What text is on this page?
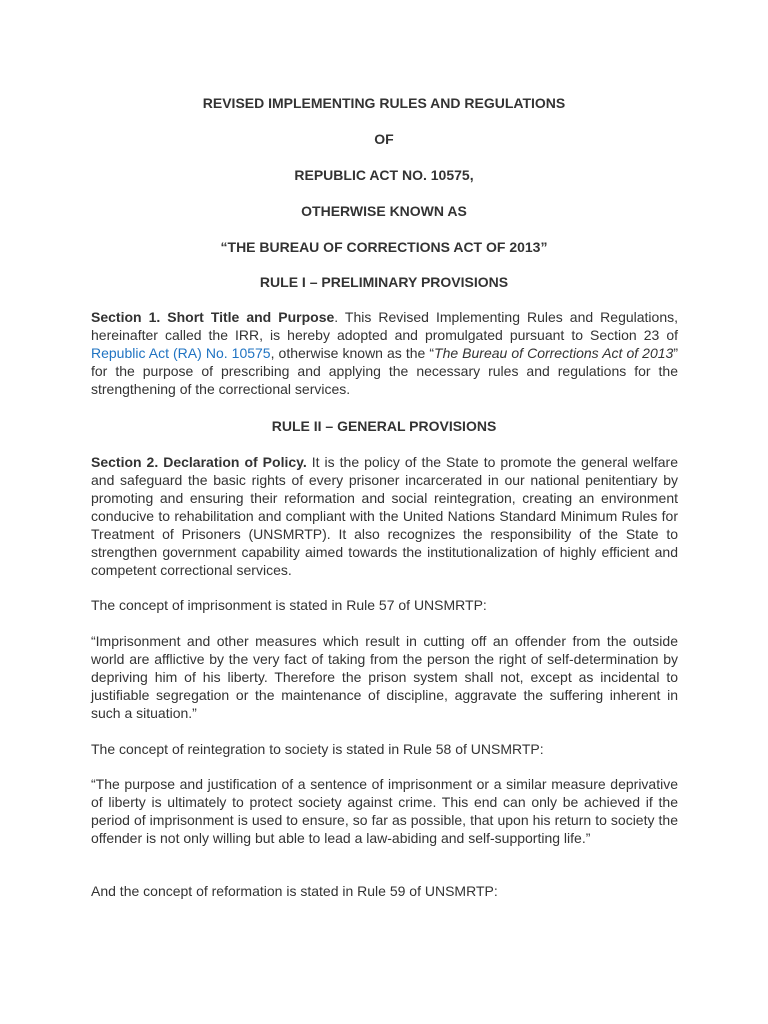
REVISED IMPLEMENTING RULES AND REGULATIONS
OF
REPUBLIC ACT NO. 10575,
OTHERWISE KNOWN AS
“THE BUREAU OF CORRECTIONS ACT OF 2013”
RULE I – PRELIMINARY PROVISIONS
Section 1. Short Title and Purpose. This Revised Implementing Rules and Regulations, hereinafter called the IRR, is hereby adopted and promulgated pursuant to Section 23 of Republic Act (RA) No. 10575, otherwise known as the “The Bureau of Corrections Act of 2013” for the purpose of prescribing and applying the necessary rules and regulations for the strengthening of the correctional services.
RULE II – GENERAL PROVISIONS
Section 2. Declaration of Policy. It is the policy of the State to promote the general welfare and safeguard the basic rights of every prisoner incarcerated in our national penitentiary by promoting and ensuring their reformation and social reintegration, creating an environment conducive to rehabilitation and compliant with the United Nations Standard Minimum Rules for Treatment of Prisoners (UNSMRTP). It also recognizes the responsibility of the State to strengthen government capability aimed towards the institutionalization of highly efficient and competent correctional services.
The concept of imprisonment is stated in Rule 57 of UNSMRTP:
“Imprisonment and other measures which result in cutting off an offender from the outside world are afflictive by the very fact of taking from the person the right of self-determination by depriving him of his liberty. Therefore the prison system shall not, except as incidental to justifiable segregation or the maintenance of discipline, aggravate the suffering inherent in such a situation.”
The concept of reintegration to society is stated in Rule 58 of UNSMRTP:
“The purpose and justification of a sentence of imprisonment or a similar measure deprivative of liberty is ultimately to protect society against crime. This end can only be achieved if the period of imprisonment is used to ensure, so far as possible, that upon his return to society the offender is not only willing but able to lead a law-abiding and self-supporting life.”
And the concept of reformation is stated in Rule 59 of UNSMRTP:
